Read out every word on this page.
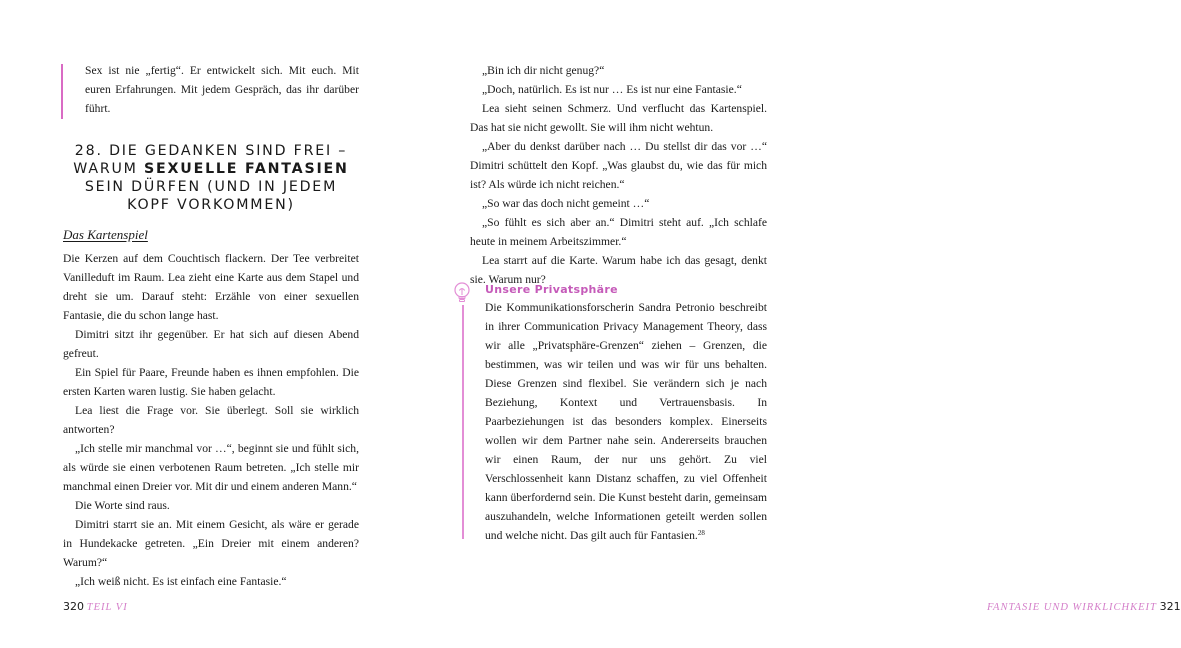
Sex ist nie „fertig“. Er entwickelt sich. Mit euch. Mit euren Erfahrungen. Mit jedem Gespräch, das ihr darüber führt.

28. DIE GEDANKEN SIND FREI –
WARUM SEXUELLE FANTASIEN
SEIN DÜRFEN (UND IN JEDEM
KOPF VORKOMMEN)
Das Kartenspiel

Die Kerzen auf dem Couchtisch flackern. Der Tee verbreitet Vanilleduft im Raum. Lea zieht eine Karte aus dem Stapel und dreht sie um. Darauf steht: Erzähle von einer sexuellen Fantasie, die du schon lange hast.

Dimitri sitzt ihr gegenüber. Er hat sich auf diesen Abend gefreut.

Ein Spiel für Paare, Freunde haben es ihnen empfohlen. Die ersten Karten waren lustig. Sie haben gelacht.

Lea liest die Frage vor. Sie überlegt. Soll sie wirklich antworten?

„Ich stelle mir manchmal vor …“, beginnt sie und fühlt sich, als würde sie einen verbotenen Raum betreten. „Ich stelle mir manchmal einen Dreier vor. Mit dir und einem anderen Mann.“

Die Worte sind raus.

Dimitri starrt sie an. Mit einem Gesicht, als wäre er gerade in Hundekacke getreten. „Ein Dreier mit einem anderen? Warum?“

„Ich weiß nicht. Es ist einfach eine Fantasie.“

320 TEIL VI

„Bin ich dir nicht genug?“

„Doch, natürlich. Es ist nur … Es ist nur eine Fantasie.“

Lea sieht seinen Schmerz. Und verflucht das Kartenspiel. Das hat sie nicht gewollt. Sie will ihm nicht wehtun.

„Aber du denkst darüber nach … Du stellst dir das vor …“ Dimitri schüttelt den Kopf. „Was glaubst du, wie das für mich ist? Als würde ich nicht reichen.“

„So war das doch nicht gemeint …“

„So fühlt es sich aber an.“ Dimitri steht auf. „Ich schlafe heute in meinem Arbeitszimmer.“

Lea starrt auf die Karte. Warum habe ich das gesagt, denkt sie. Warum nur?

Unsere Privatsphäre

Die Kommunikationsforscherin Sandra Petronio beschreibt in ihrer Communication Privacy Management Theory, dass wir alle „Privatsphäre-Grenzen“ ziehen – Grenzen, die bestimmen, was wir teilen und was wir für uns behalten. Diese Grenzen sind flexibel. Sie verändern sich je nach Beziehung, Kontext und Vertrauensbasis. In Paarbeziehungen ist das besonders komplex. Einerseits wollen wir dem Partner nahe sein. Andererseits brauchen wir einen Raum, der nur uns gehört. Zu viel Verschlossenheit kann Distanz schaffen, zu viel Offenheit kann überfordernd sein. Die Kunst besteht darin, gemeinsam auszuhandeln, welche Informationen geteilt werden sollen und welche nicht. Das gilt auch für Fantasien.$^{28}$

FANTASIE UND WIRKLICHKEIT 321
